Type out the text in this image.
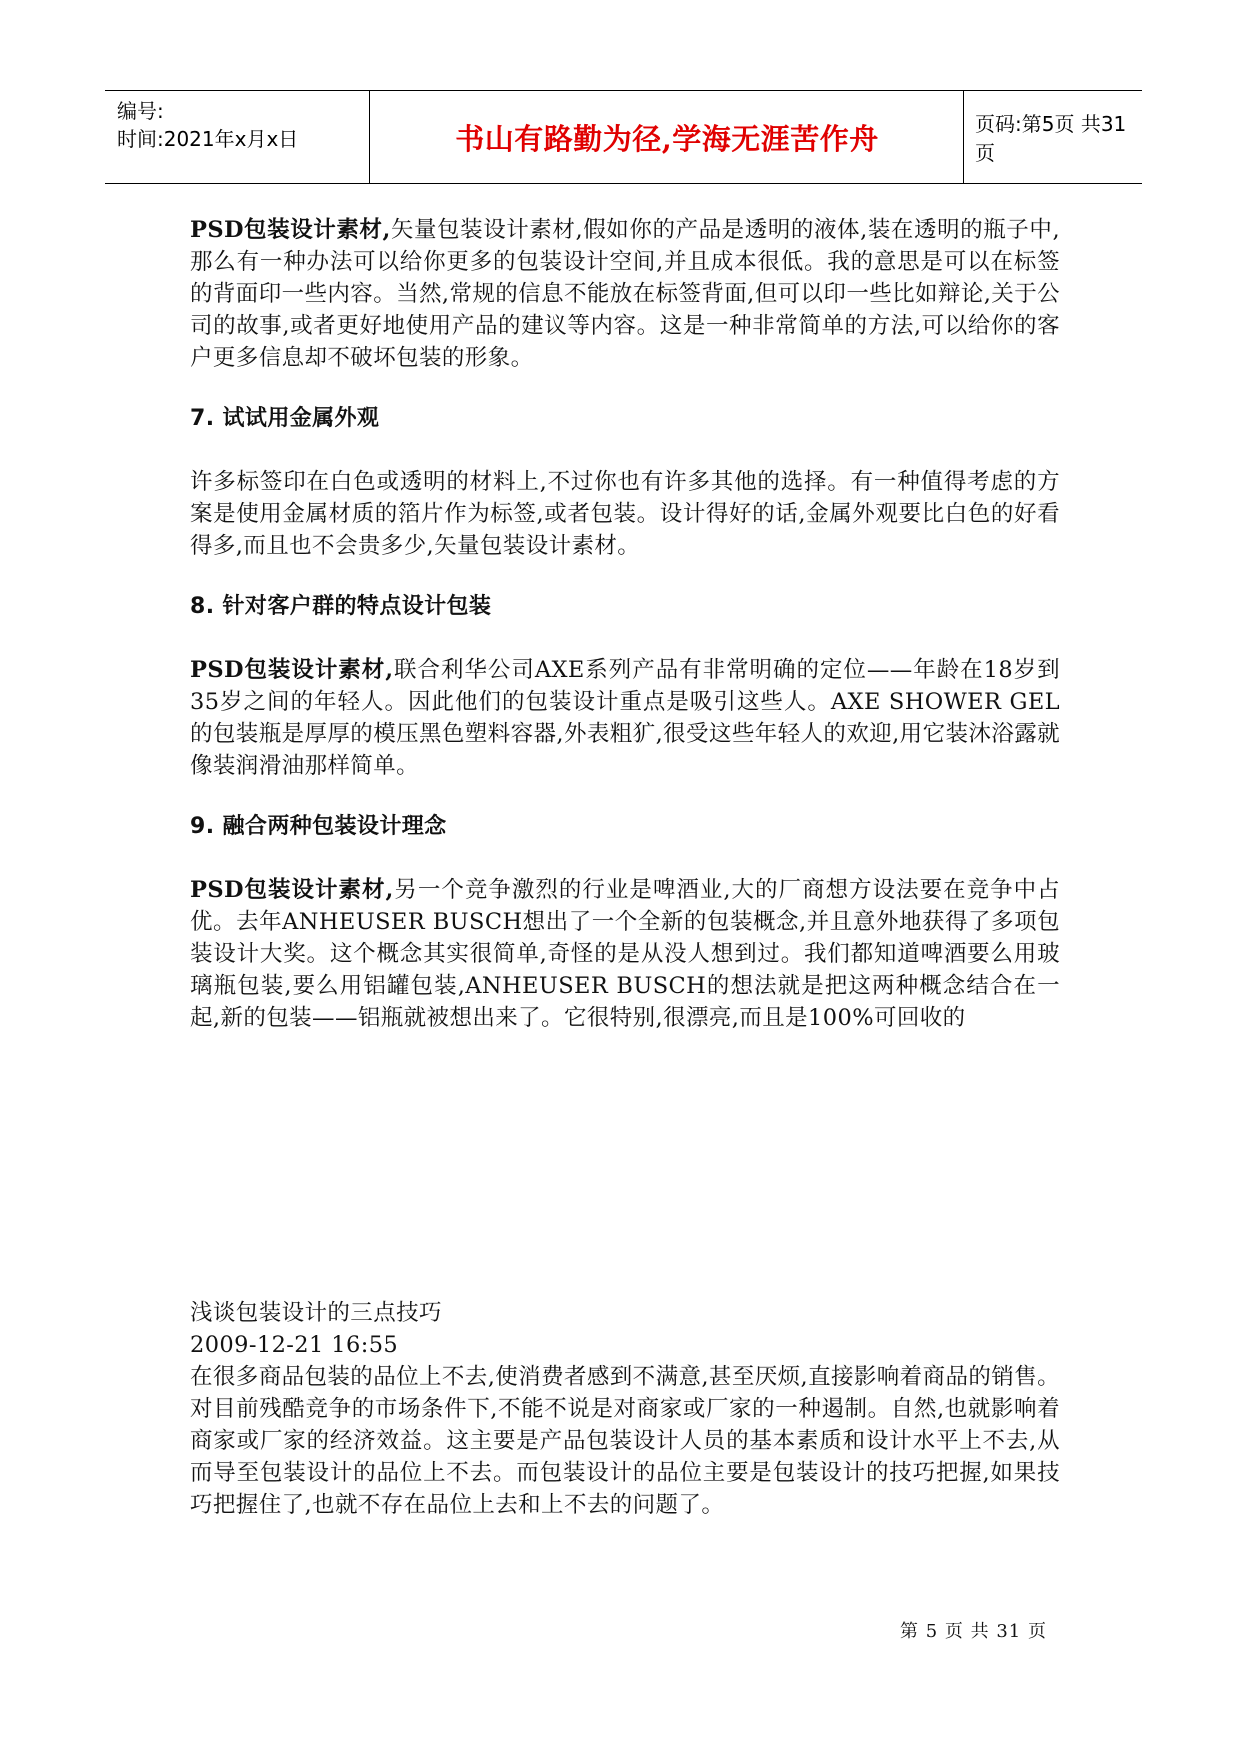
编号:
时间:2021年x月x日	书山有路勤为径,学海无涯苦作舟	页码:第5页 共31页

PSD包装设计素材,矢量包装设计素材,假如你的产品是透明的液体,装在透明的瓶子中,那么有一种办法可以给你更多的包装设计空间,并且成本很低。我的意思是可以在标签的背面印一些内容。当然,常规的信息不能放在标签背面,但可以印一些比如辩论,关于公司的故事,或者更好地使用产品的建议等内容。这是一种非常简单的方法,可以给你的客户更多信息却不破坏包装的形象。

7. 试试用金属外观

许多标签印在白色或透明的材料上,不过你也有许多其他的选择。有一种值得考虑的方案是使用金属材质的箔片作为标签,或者包装。设计得好的话,金属外观要比白色的好看得多,而且也不会贵多少,矢量包装设计素材。

8. 针对客户群的特点设计包装

PSD包装设计素材,联合利华公司AXE系列产品有非常明确的定位——年龄在18岁到35岁之间的年轻人。因此他们的包装设计重点是吸引这些人。AXE SHOWER GEL的包装瓶是厚厚的模压黑色塑料容器,外表粗犷,很受这些年轻人的欢迎,用它装沐浴露就像装润滑油那样简单。

9. 融合两种包装设计理念

PSD包装设计素材,另一个竞争激烈的行业是啤酒业,大的厂商想方设法要在竞争中占优。去年ANHEUSER BUSCH想出了一个全新的包装概念,并且意外地获得了多项包装设计大奖。这个概念其实很简单,奇怪的是从没人想到过。我们都知道啤酒要么用玻璃瓶包装,要么用铝罐包装,ANHEUSER BUSCH的想法就是把这两种概念结合在一起,新的包装——铝瓶就被想出来了。它很特别,很漂亮,而且是100%可回收的

浅谈包装设计的三点技巧

2009-12-21 16:55

在很多商品包装的品位上不去,使消费者感到不满意,甚至厌烦,直接影响着商品的销售。对目前残酷竞争的市场条件下,不能不说是对商家或厂家的一种遏制。自然,也就影响着商家或厂家的经济效益。这主要是产品包装设计人员的基本素质和设计水平上不去,从而导至包装设计的品位上不去。而包装设计的品位主要是包装设计的技巧把握,如果技巧把握住了,也就不存在品位上去和上不去的问题了。

第 5 页 共 31 页
